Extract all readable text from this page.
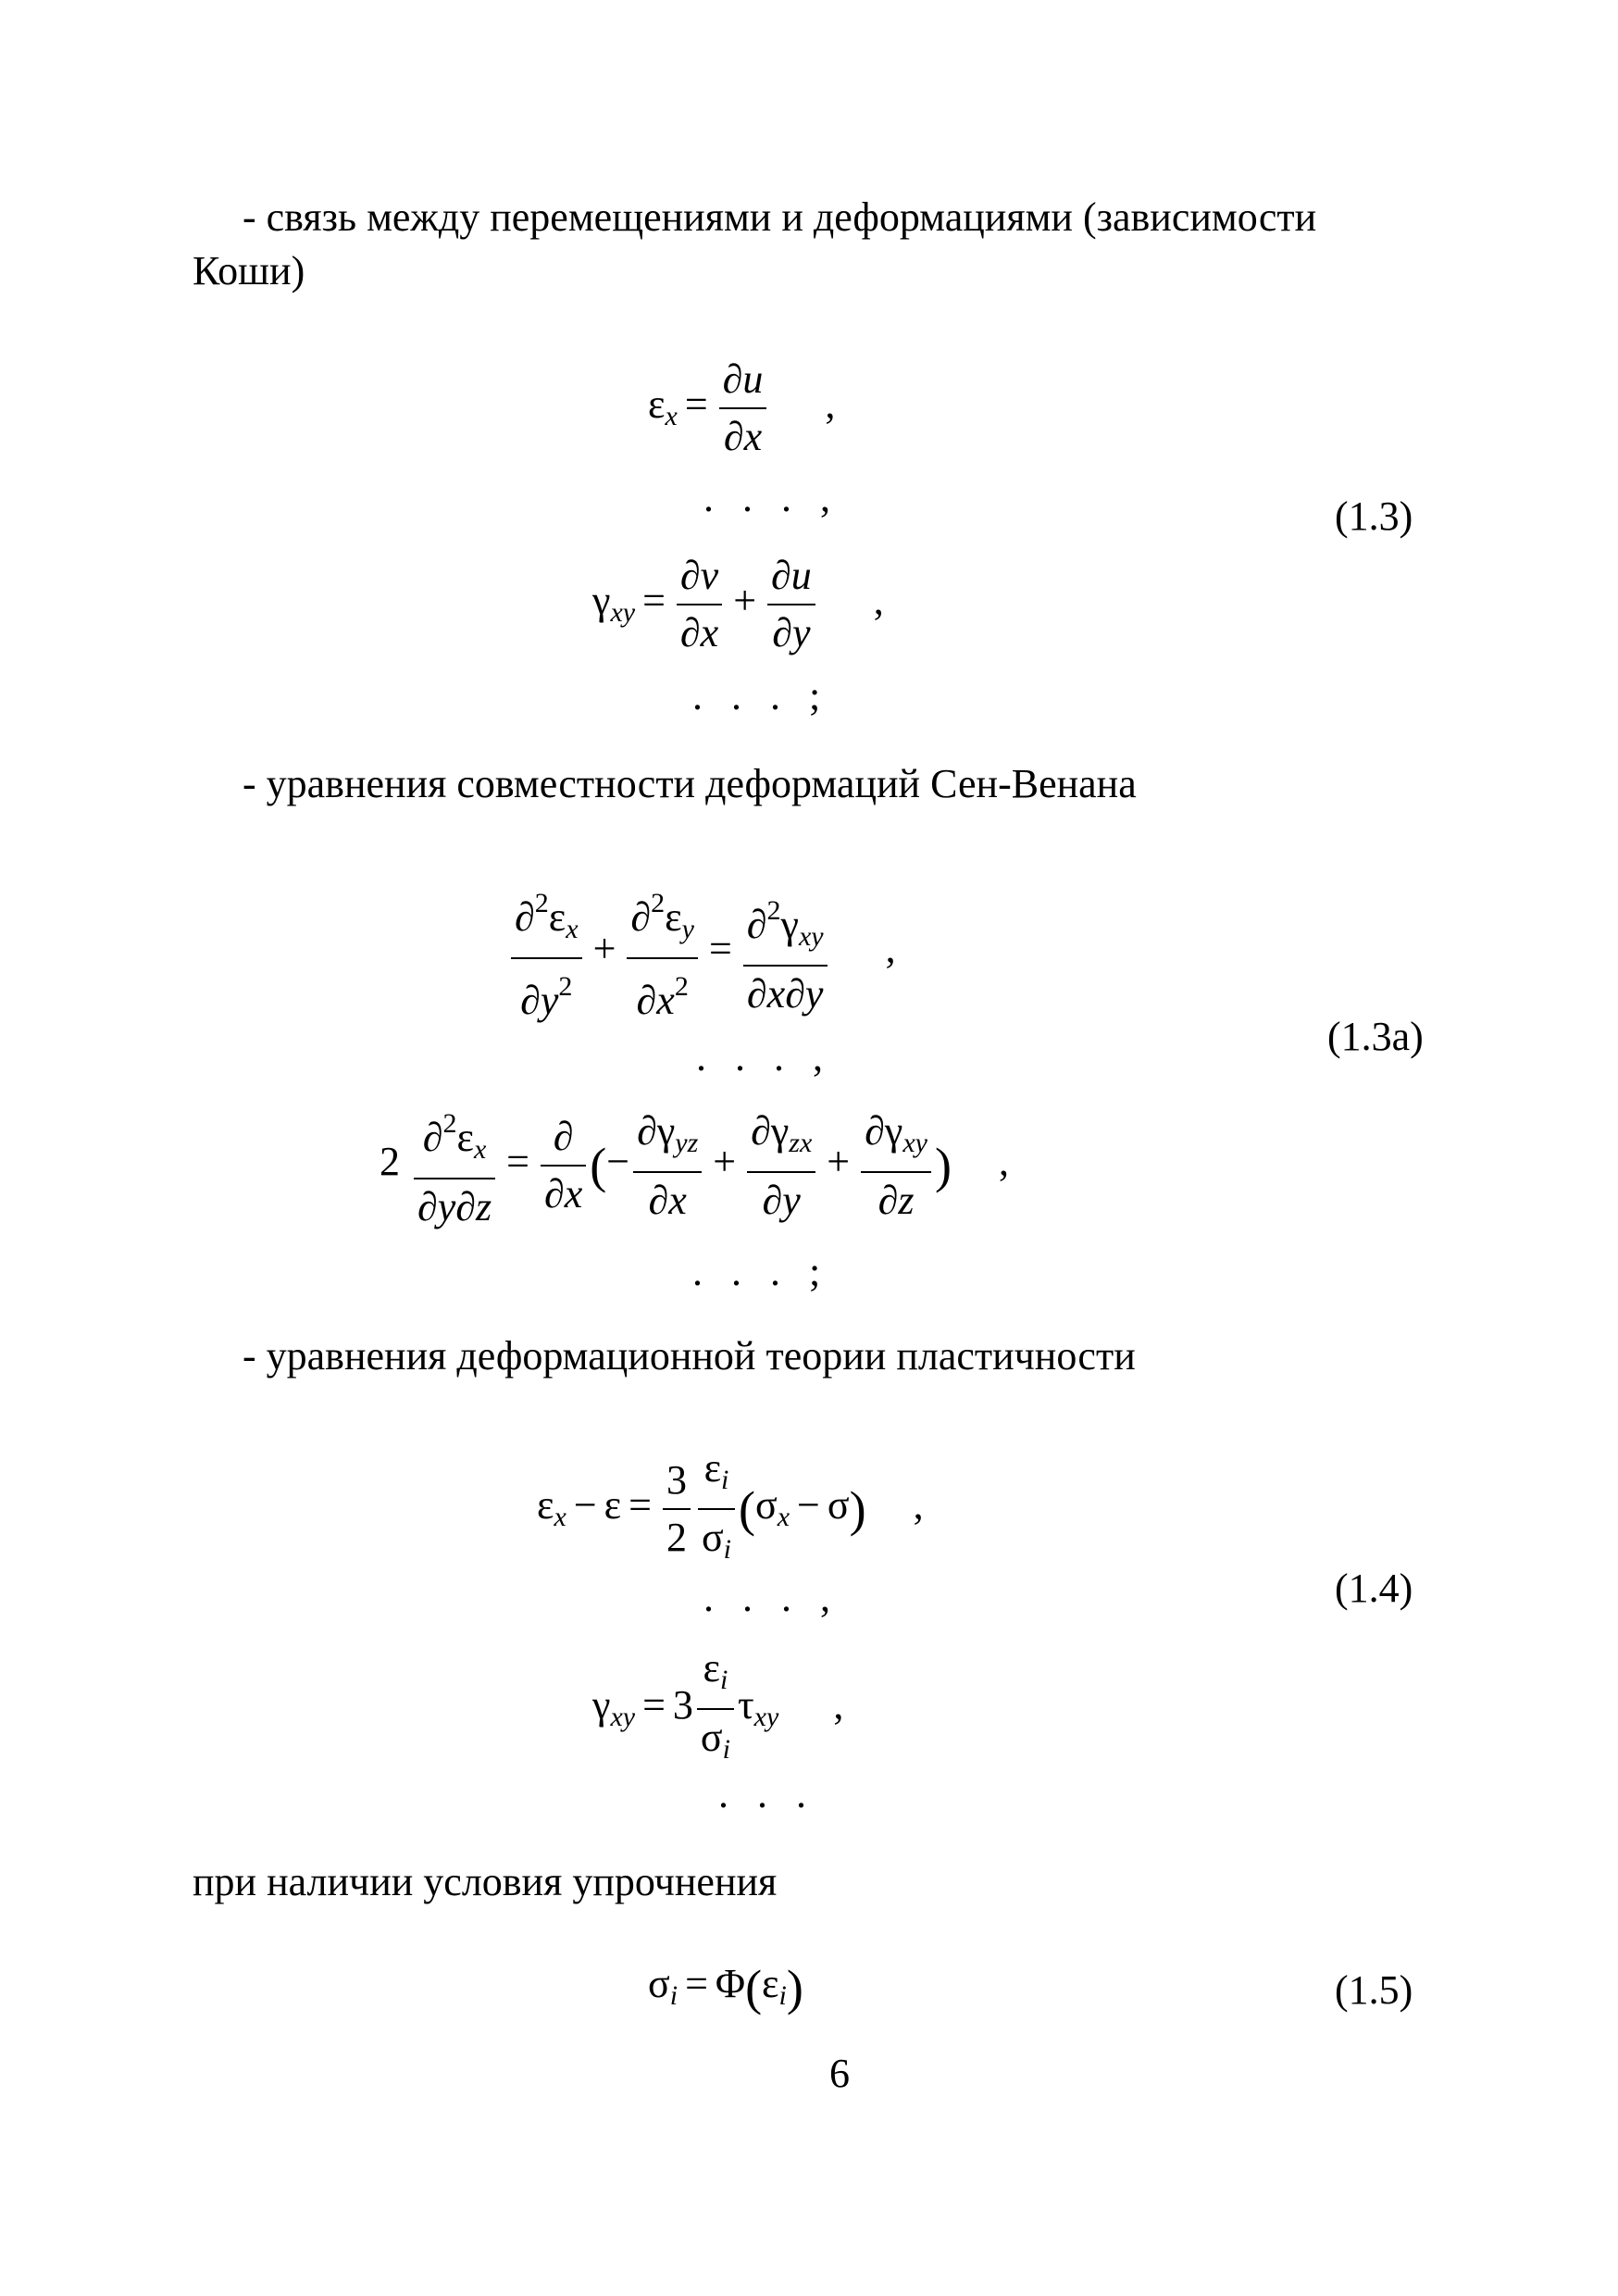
- связь между перемещениями и деформациями (зависимости
Коши)
$\varepsilon_x = \frac{\partial u}{\partial x}$ ,
. . . ,	(1.3)
$\gamma_{xy} = \frac{\partial v}{\partial x} + \frac{\partial u}{\partial y}$ ,
. . . ;
- уравнения совместности деформаций Сен-Венана
$\frac{\partial^2\varepsilon_x}{\partial y^2} + \frac{\partial^2\varepsilon_y}{\partial x^2} = \frac{\partial^2\gamma_{xy}}{\partial x\partial y}$ ,
. . . ,	(1.3a)
$2 \frac{\partial^2\varepsilon_x}{\partial y\partial z} = \frac{\partial}{\partial x}$ (− $\frac{\partial\gamma_{yz}}{\partial x} + \frac{\partial\gamma_{zx}}{\partial y} + \frac{\partial\gamma_{xy}}{\partial z}$ ) ,
. . . ;
- уравнения деформационной теории пластичности
$\varepsilon_x - \varepsilon = \frac{3}{2} \frac{\varepsilon_i}{\sigma_i} (\sigma_x - \sigma)$ ,
. . . ,	(1.4)
$\gamma_{xy} = 3 \frac{\varepsilon_i}{\sigma_i} \tau_{xy}$ ,
. . .
при наличии условия упрочнения
$\sigma_i = \Phi(\varepsilon_i)$	(1.5)
6
